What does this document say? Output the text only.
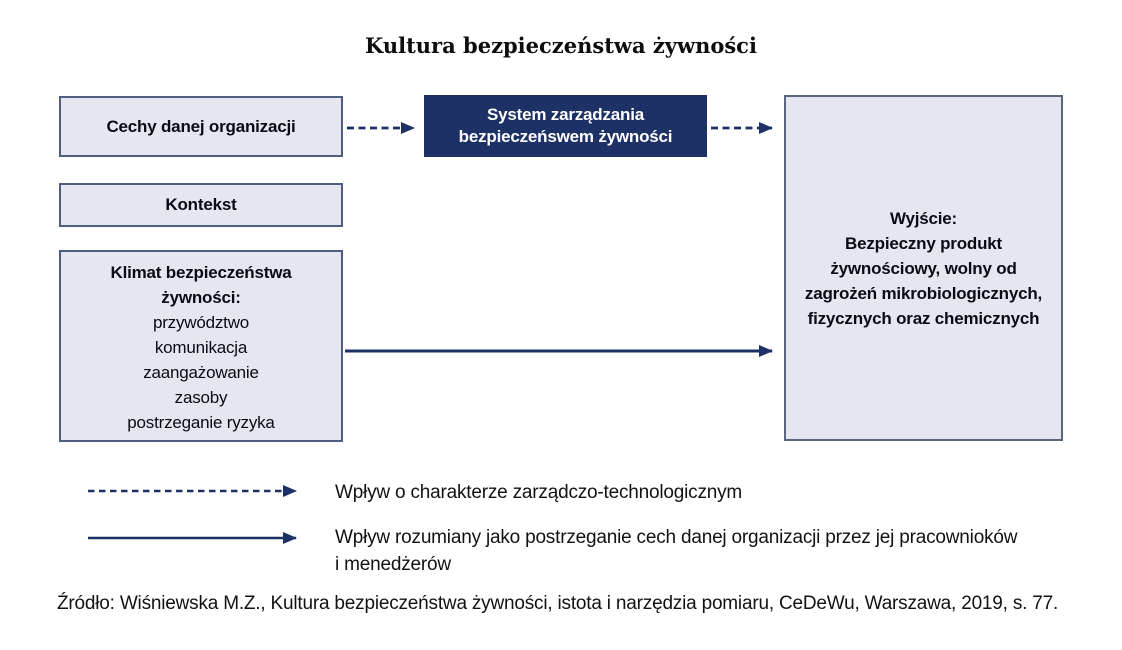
Kultura bezpieczeństwa żywności
Cechy danej organizacji
Kontekst
Klimat bezpieczeństwa żywności:
przywództwo
komunikacja
zaangażowanie
zasoby
postrzeganie ryzyka
System zarządzania bezpieczeńswem żywności
Wyjście:
Bezpieczny produkt
żywnościowy, wolny od
zagrożeń mikrobiologicznych,
fizycznych oraz chemicznych
Wpływ o charakterze zarządczo-technologicznym
Wpływ rozumiany jako postrzeganie cech danej organizacji przez jej pracownioków
i menedżerów
Źródło: Wiśniewska M.Z., Kultura bezpieczeństwa żywności, istota i narzędzia pomiaru, CeDeWu, Warszawa, 2019, s. 77.
